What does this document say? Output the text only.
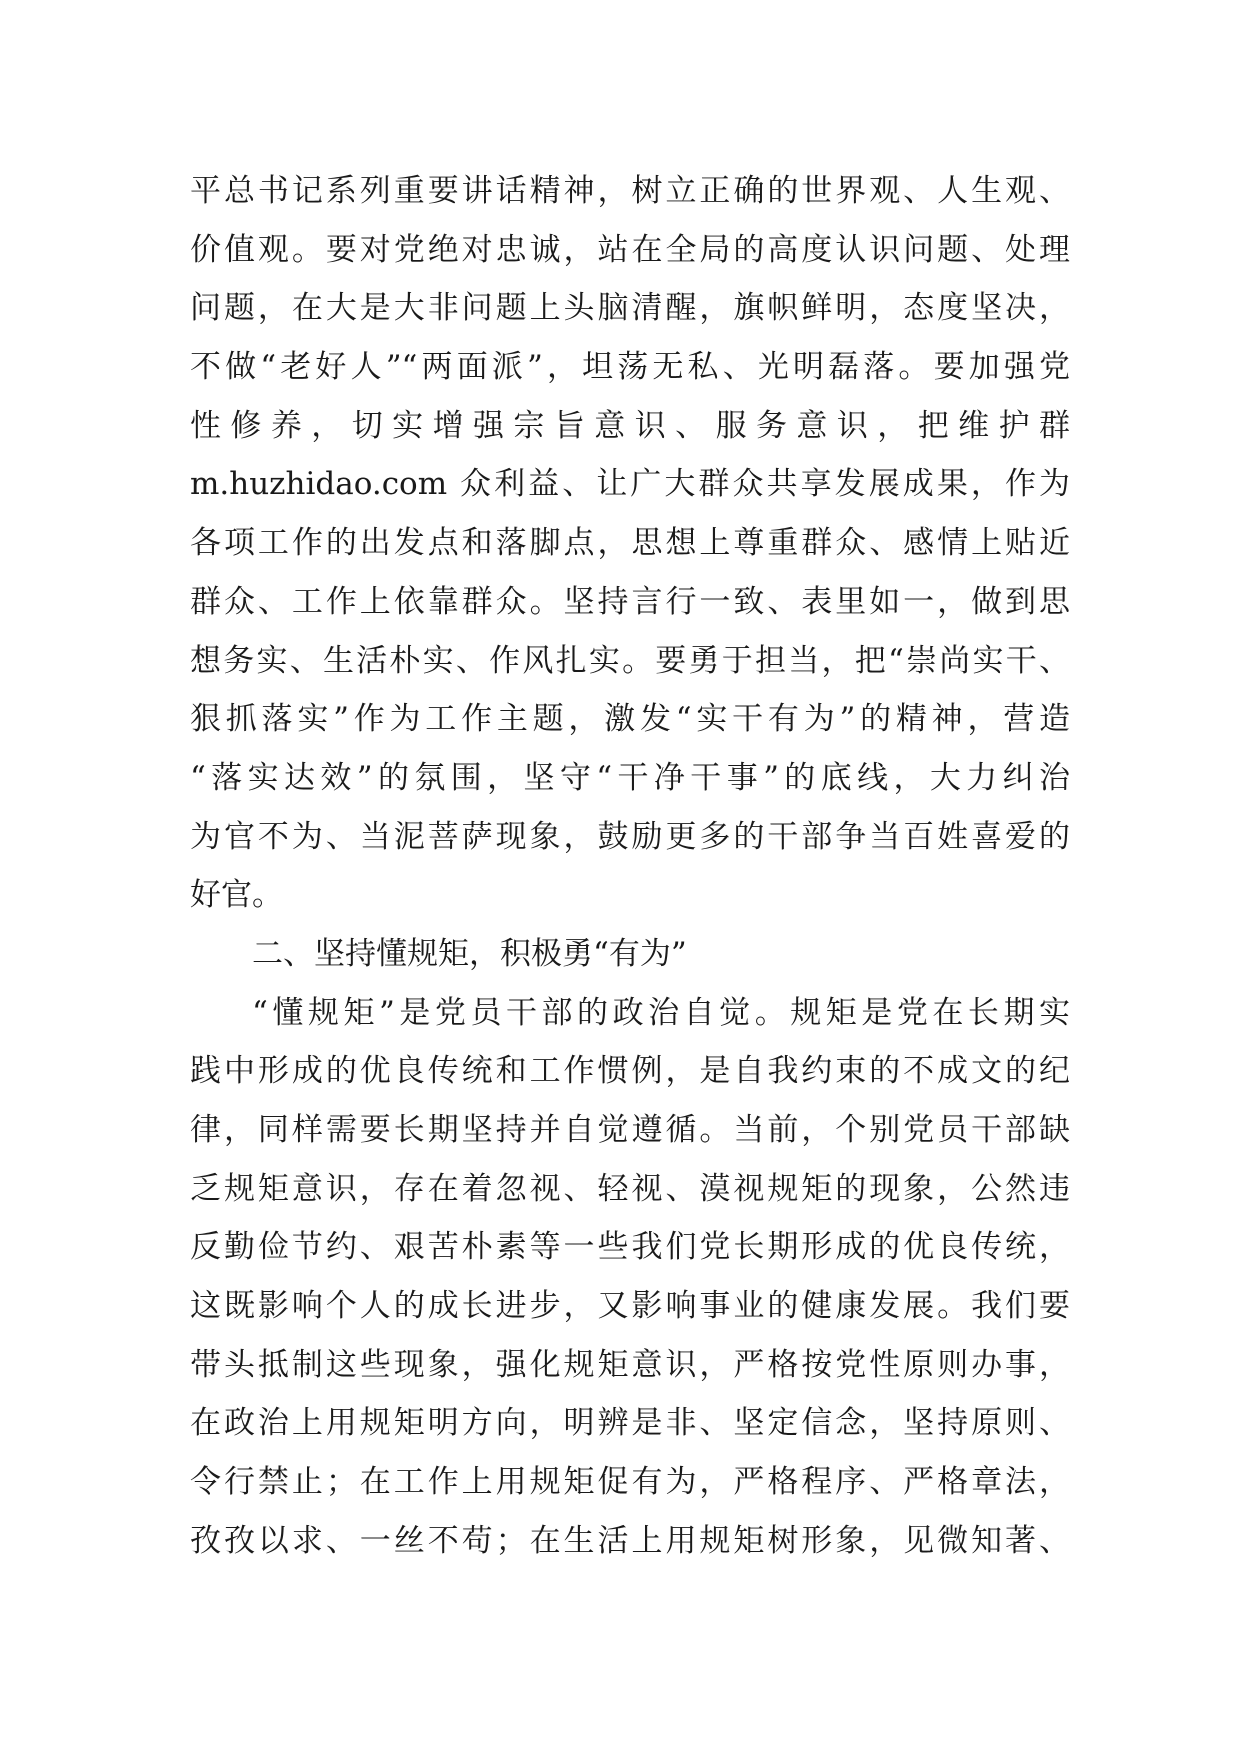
平总书记系列重要讲话精神，树立正确的世界观、人生观、
价值观。要对党绝对忠诚，站在全局的高度认识问题、处理
问题，在大是大非问题上头脑清醒，旗帜鲜明，态度坚决，
不做“老好人”“两面派”，坦荡无私、光明磊落。要加强党
性修养，切实增强宗旨意识、服务意识，把维护群
m.huzhidao.com 众利益、让广大群众共享发展成果，作为
各项工作的出发点和落脚点，思想上尊重群众、感情上贴近
群众、工作上依靠群众。坚持言行一致、表里如一，做到思
想务实、生活朴实、作风扎实。要勇于担当，把“崇尚实干、
狠抓落实”作为工作主题，激发“实干有为”的精神，营造
“落实达效”的氛围，坚守“干净干事”的底线，大力纠治
为官不为、当泥菩萨现象，鼓励更多的干部争当百姓喜爱的
好官。
二、坚持懂规矩，积极勇“有为”
“懂规矩”是党员干部的政治自觉。规矩是党在长期实
践中形成的优良传统和工作惯例，是自我约束的不成文的纪
律，同样需要长期坚持并自觉遵循。当前，个别党员干部缺
乏规矩意识，存在着忽视、轻视、漠视规矩的现象，公然违
反勤俭节约、艰苦朴素等一些我们党长期形成的优良传统，
这既影响个人的成长进步，又影响事业的健康发展。我们要
带头抵制这些现象，强化规矩意识，严格按党性原则办事，
在政治上用规矩明方向，明辨是非、坚定信念，坚持原则、
令行禁止；在工作上用规矩促有为，严格程序、严格章法，
孜孜以求、一丝不苟；在生活上用规矩树形象，见微知著、
